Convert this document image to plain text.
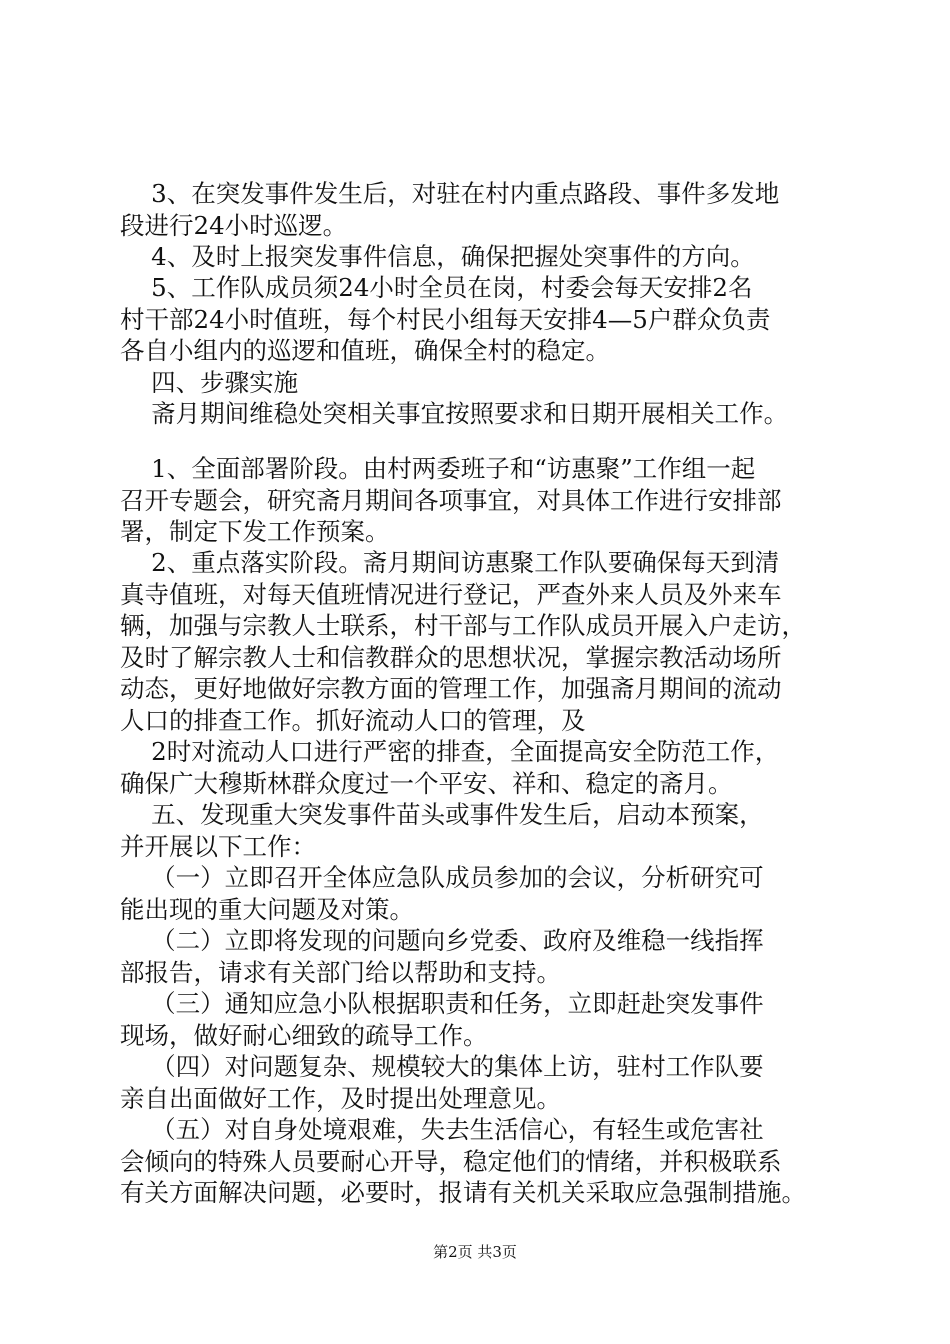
3、在突发事件发生后，对驻在村内重点路段、事件多发地
段进行24小时巡逻。

4、及时上报突发事件信息，确保把握处突事件的方向。

5、工作队成员须24小时全员在岗，村委会每天安排2名
村干部24小时值班，每个村民小组每天安排4—5户群众负责
各自小组内的巡逻和值班，确保全村的稳定。

四、步骤实施

斋月期间维稳处突相关事宜按照要求和日期开展相关工作。

1、全面部署阶段。由村两委班子和“访惠聚”工作组一起
召开专题会，研究斋月期间各项事宜，对具体工作进行安排部
署，制定下发工作预案。

2、重点落实阶段。斋月期间访惠聚工作队要确保每天到清
真寺值班，对每天值班情况进行登记，严查外来人员及外来车
辆，加强与宗教人士联系，村干部与工作队成员开展入户走访，
及时了解宗教人士和信教群众的思想状况，掌握宗教活动场所
动态，更好地做好宗教方面的管理工作，加强斋月期间的流动
人口的排查工作。抓好流动人口的管理，及

2时对流动人口进行严密的排查，全面提高安全防范工作，
确保广大穆斯林群众度过一个平安、祥和、稳定的斋月。

五、发现重大突发事件苗头或事件发生后，启动本预案，
并开展以下工作：

（一）立即召开全体应急队成员参加的会议，分析研究可
能出现的重大问题及对策。

（二）立即将发现的问题向乡党委、政府及维稳一线指挥
部报告，请求有关部门给以帮助和支持。

（三）通知应急小队根据职责和任务，立即赶赴突发事件
现场，做好耐心细致的疏导工作。

（四）对问题复杂、规模较大的集体上访，驻村工作队要
亲自出面做好工作，及时提出处理意见。

（五）对自身处境艰难，失去生活信心，有轻生或危害社
会倾向的特殊人员要耐心开导，稳定他们的情绪，并积极联系
有关方面解决问题，必要时，报请有关机关采取应急强制措施。

第2页 共3页
